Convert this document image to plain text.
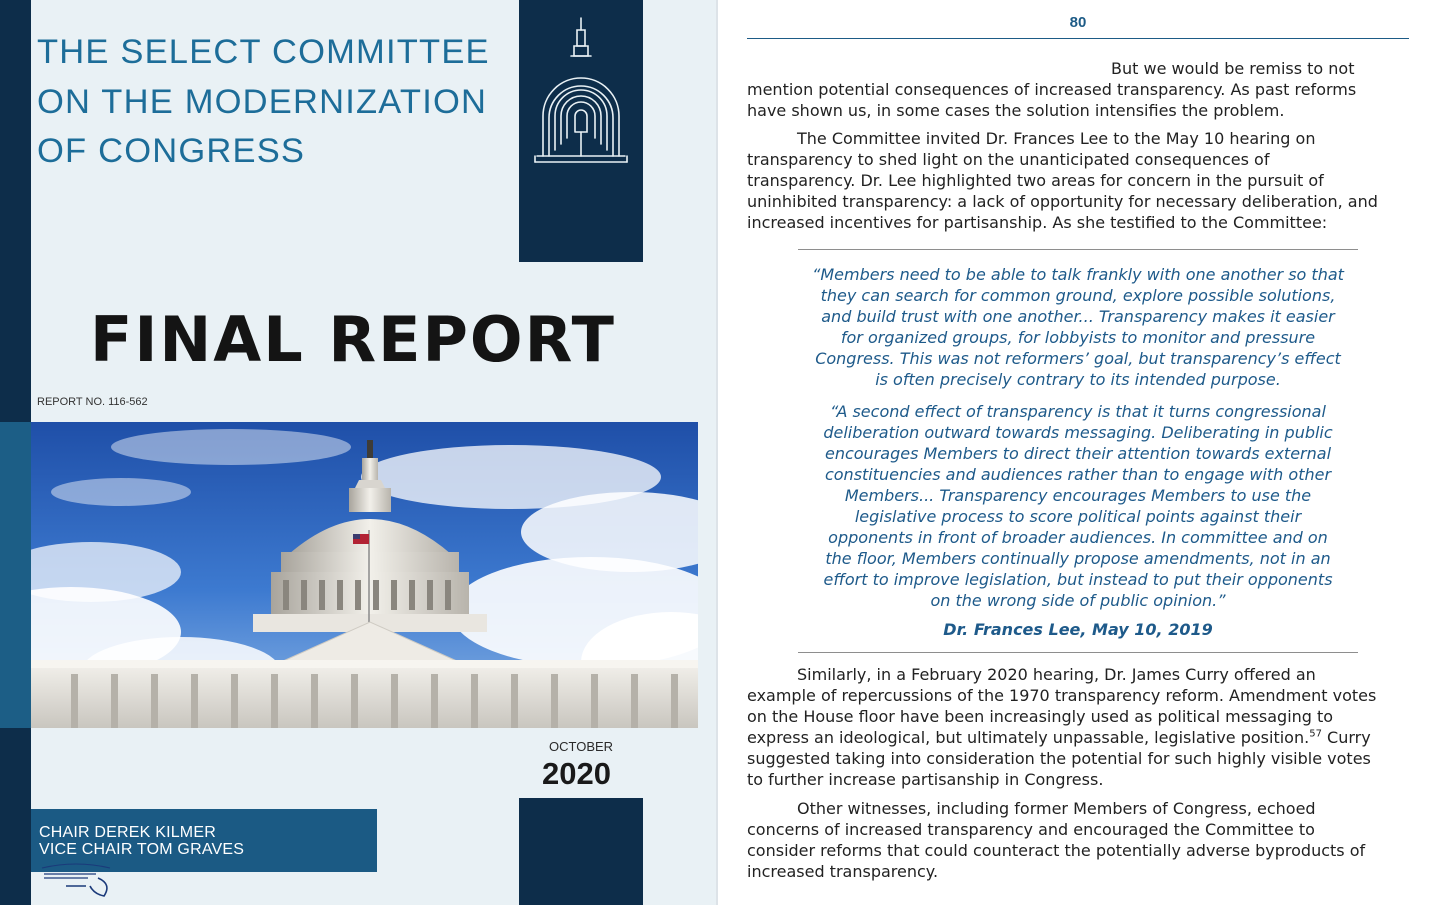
THE SELECT COMMITTEE
ON THE MODERNIZATION
OF CONGRESS
FINAL REPORT
REPORT NO. 116-562
OCTOBER
2020
CHAIR DEREK KILMER
VICE CHAIR TOM GRAVES
80
But we would be remiss to not
mention potential consequences of increased transparency. As past reforms
have shown us, in some cases the solution intensifies the problem.
The Committee invited Dr. Frances Lee to the May 10 hearing on
transparency to shed light on the unanticipated consequences of
transparency. Dr. Lee highlighted two areas for concern in the pursuit of
uninhibited transparency: a lack of opportunity for necessary deliberation, and
increased incentives for partisanship. As she testified to the Committee:
“Members need to be able to talk frankly with one another so that
they can search for common ground, explore possible solutions,
and build trust with one another... Transparency makes it easier
for organized groups, for lobbyists to monitor and pressure
Congress. This was not reformers’ goal, but transparency’s effect
is often precisely contrary to its intended purpose.
“A second effect of transparency is that it turns congressional
deliberation outward towards messaging. Deliberating in public
encourages Members to direct their attention towards external
constituencies and audiences rather than to engage with other
Members... Transparency encourages Members to use the
legislative process to score political points against their
opponents in front of broader audiences. In committee and on
the floor, Members continually propose amendments, not in an
effort to improve legislation, but instead to put their opponents
on the wrong side of public opinion.”
Dr. Frances Lee, May 10, 2019
Similarly, in a February 2020 hearing, Dr. James Curry offered an
example of repercussions of the 1970 transparency reform. Amendment votes
on the House floor have been increasingly used as political messaging to
express an ideological, but ultimately unpassable, legislative position.$^{57}$ Curry
suggested taking into consideration the potential for such highly visible votes
to further increase partisanship in Congress.
Other witnesses, including former Members of Congress, echoed
concerns of increased transparency and encouraged the Committee to
consider reforms that could counteract the potentially adverse byproducts of
increased transparency.
